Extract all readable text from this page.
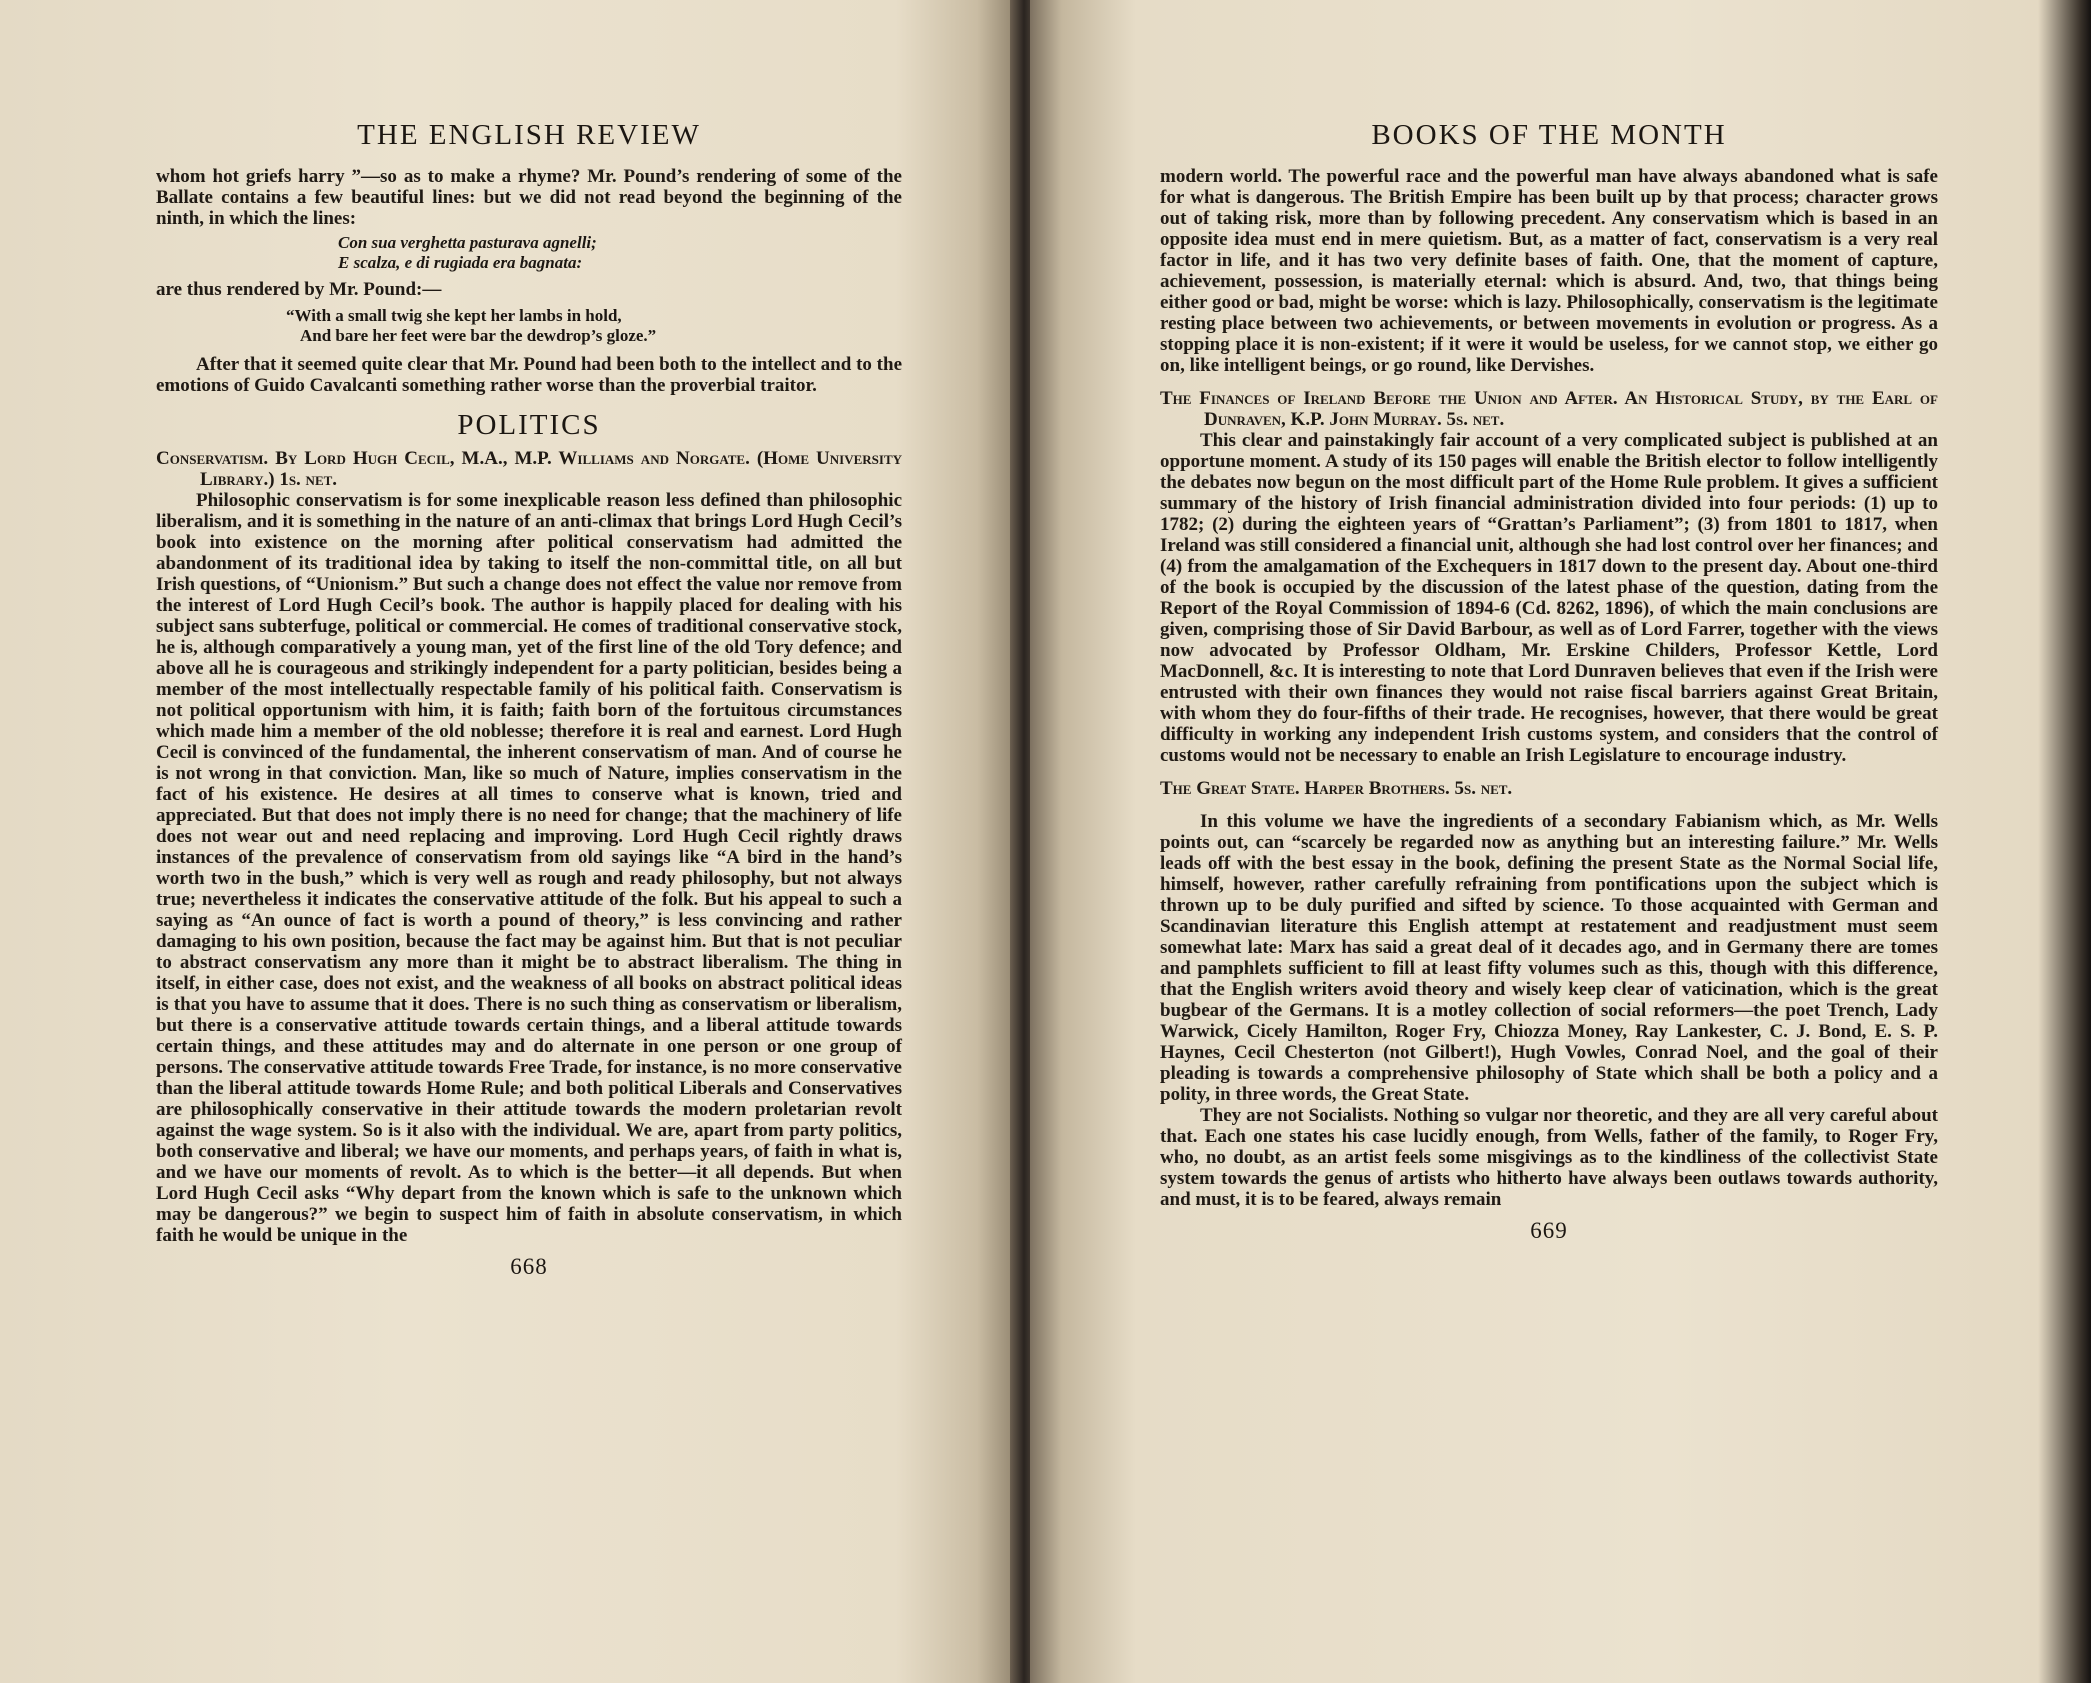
THE ENGLISH REVIEW

whom hot griefs harry ”—so as to make a rhyme? Mr. Pound’s rendering of some of the Ballate contains a few beautiful lines: but we did not read beyond the beginning of the ninth, in which the lines:

Con sua verghetta pasturava agnelli;
E scalza, e di rugiada era bagnata:

are thus rendered by Mr. Pound:—

“With a small twig she kept her lambs in hold,
And bare her feet were bar the dewdrop’s gloze.”

After that it seemed quite clear that Mr. Pound had been both to the intellect and to the emotions of Guido Cavalcanti something rather worse than the proverbial traitor.

POLITICS

Conservatism. By Lord Hugh Cecil, M.A., M.P. Williams and Norgate. (Home University Library.) 1s. net.

Philosophic conservatism is for some inexplicable reason less defined than philosophic liberalism, and it is something in the nature of an anti-climax that brings Lord Hugh Cecil’s book into existence on the morning after political conservatism had admitted the abandonment of its traditional idea by taking to itself the non-committal title, on all but Irish questions, of “Unionism.” But such a change does not effect the value nor remove from the interest of Lord Hugh Cecil’s book. The author is happily placed for dealing with his subject sans subterfuge, political or commercial. He comes of traditional conservative stock, he is, although comparatively a young man, yet of the first line of the old Tory defence; and above all he is courageous and strikingly independent for a party politician, besides being a member of the most intellectually respectable family of his political faith. Conservatism is not political opportunism with him, it is faith; faith born of the fortuitous circumstances which made him a member of the old noblesse; therefore it is real and earnest. Lord Hugh Cecil is convinced of the fundamental, the inherent conservatism of man. And of course he is not wrong in that conviction. Man, like so much of Nature, implies conservatism in the fact of his existence. He desires at all times to conserve what is known, tried and appreciated. But that does not imply there is no need for change; that the machinery of life does not wear out and need replacing and improving. Lord Hugh Cecil rightly draws instances of the prevalence of conservatism from old sayings like “A bird in the hand’s worth two in the bush,” which is very well as rough and ready philosophy, but not always true; nevertheless it indicates the conservative attitude of the folk. But his appeal to such a saying as “An ounce of fact is worth a pound of theory,” is less convincing and rather damaging to his own position, because the fact may be against him. But that is not peculiar to abstract conservatism any more than it might be to abstract liberalism. The thing in itself, in either case, does not exist, and the weakness of all books on abstract political ideas is that you have to assume that it does. There is no such thing as conservatism or liberalism, but there is a conservative attitude towards certain things, and a liberal attitude towards certain things, and these attitudes may and do alternate in one person or one group of persons. The conservative attitude towards Free Trade, for instance, is no more conservative than the liberal attitude towards Home Rule; and both political Liberals and Conservatives are philosophically conservative in their attitude towards the modern proletarian revolt against the wage system. So is it also with the individual. We are, apart from party politics, both conservative and liberal; we have our moments, and perhaps years, of faith in what is, and we have our moments of revolt. As to which is the better—it all depends. But when Lord Hugh Cecil asks “Why depart from the known which is safe to the unknown which may be dangerous?” we begin to suspect him of faith in absolute conservatism, in which faith he would be unique in the

668
BOOKS OF THE MONTH

modern world. The powerful race and the powerful man have always abandoned what is safe for what is dangerous. The British Empire has been built up by that process; character grows out of taking risk, more than by following precedent. Any conservatism which is based in an opposite idea must end in mere quietism. But, as a matter of fact, conservatism is a very real factor in life, and it has two very definite bases of faith. One, that the moment of capture, achievement, possession, is materially eternal: which is absurd. And, two, that things being either good or bad, might be worse: which is lazy. Philosophically, conservatism is the legitimate resting place between two achievements, or between movements in evolution or progress. As a stopping place it is non-existent; if it were it would be useless, for we cannot stop, we either go on, like intelligent beings, or go round, like Dervishes.

The Finances of Ireland Before the Union and After. An Historical Study, by the Earl of Dunraven, K.P. John Murray. 5s. net.

This clear and painstakingly fair account of a very complicated subject is published at an opportune moment. A study of its 150 pages will enable the British elector to follow intelligently the debates now begun on the most difficult part of the Home Rule problem. It gives a sufficient summary of the history of Irish financial administration divided into four periods: (1) up to 1782; (2) during the eighteen years of “Grattan’s Parliament”; (3) from 1801 to 1817, when Ireland was still considered a financial unit, although she had lost control over her finances; and (4) from the amalgamation of the Exchequers in 1817 down to the present day. About one-third of the book is occupied by the discussion of the latest phase of the question, dating from the Report of the Royal Commission of 1894-6 (Cd. 8262, 1896), of which the main conclusions are given, comprising those of Sir David Barbour, as well as of Lord Farrer, together with the views now advocated by Professor Oldham, Mr. Erskine Childers, Professor Kettle, Lord MacDonnell, &c. It is interesting to note that Lord Dunraven believes that even if the Irish were entrusted with their own finances they would not raise fiscal barriers against Great Britain, with whom they do four-fifths of their trade. He recognises, however, that there would be great difficulty in working any independent Irish customs system, and considers that the control of customs would not be necessary to enable an Irish Legislature to encourage industry.

The Great State. Harper Brothers. 5s. net.

In this volume we have the ingredients of a secondary Fabianism which, as Mr. Wells points out, can “scarcely be regarded now as anything but an interesting failure.” Mr. Wells leads off with the best essay in the book, defining the present State as the Normal Social life, himself, however, rather carefully refraining from pontifications upon the subject which is thrown up to be duly purified and sifted by science. To those acquainted with German and Scandinavian literature this English attempt at restatement and readjustment must seem somewhat late: Marx has said a great deal of it decades ago, and in Germany there are tomes and pamphlets sufficient to fill at least fifty volumes such as this, though with this difference, that the English writers avoid theory and wisely keep clear of vaticination, which is the great bugbear of the Germans. It is a motley collection of social reformers—the poet Trench, Lady Warwick, Cicely Hamilton, Roger Fry, Chiozza Money, Ray Lankester, C. J. Bond, E. S. P. Haynes, Cecil Chesterton (not Gilbert!), Hugh Vowles, Conrad Noel, and the goal of their pleading is towards a comprehensive philosophy of State which shall be both a policy and a polity, in three words, the Great State.

They are not Socialists. Nothing so vulgar nor theoretic, and they are all very careful about that. Each one states his case lucidly enough, from Wells, father of the family, to Roger Fry, who, no doubt, as an artist feels some misgivings as to the kindliness of the collectivist State system towards the genus of artists who hitherto have always been outlaws towards authority, and must, it is to be feared, always remain

669
